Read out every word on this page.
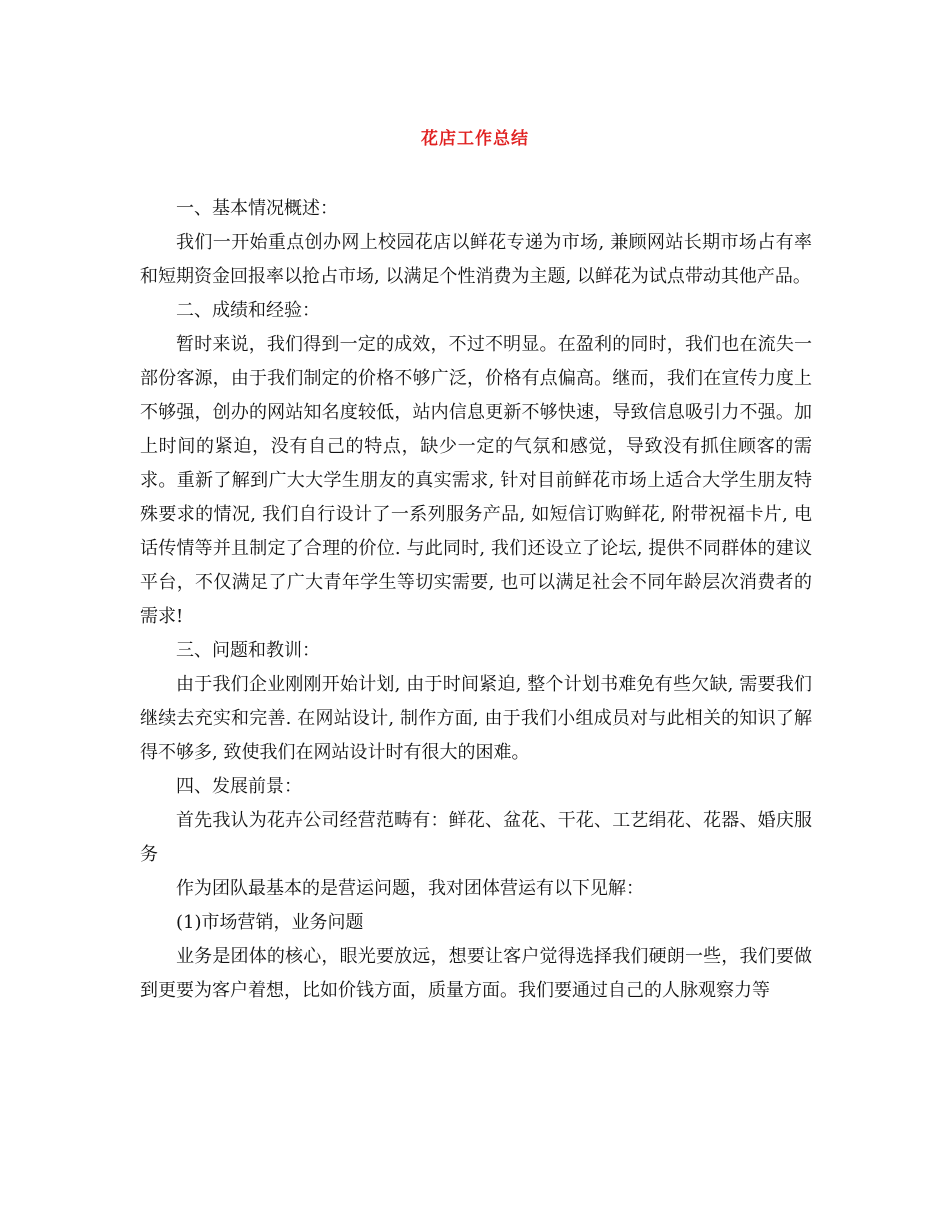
花店工作总结

一、基本情况概述：

我们一开始重点创办网上校园花店以鲜花专递为市场, 兼顾网站长期市场占有率和短期资金回报率以抢占市场, 以满足个性消费为主题, 以鲜花为试点带动其他产品。

二、成绩和经验：

暂时来说，我们得到一定的成效，不过不明显。在盈利的同时，我们也在流失一部份客源，由于我们制定的价格不够广泛，价格有点偏高。继而，我们在宣传力度上不够强，创办的网站知名度较低，站内信息更新不够快速，导致信息吸引力不强。加上时间的紧迫，没有自己的特点，缺少一定的气氛和感觉，导致没有抓住顾客的需求。重新了解到广大大学生朋友的真实需求, 针对目前鲜花市场上适合大学生朋友特殊要求的情况, 我们自行设计了一系列服务产品, 如短信订购鲜花, 附带祝福卡片, 电话传情等并且制定了合理的价位. 与此同时, 我们还设立了论坛, 提供不同群体的建议平台，不仅满足了广大青年学生等切实需要, 也可以满足社会不同年龄层次消费者的需求!

三、问题和教训：

由于我们企业刚刚开始计划, 由于时间紧迫, 整个计划书难免有些欠缺, 需要我们继续去充实和完善. 在网站设计, 制作方面, 由于我们小组成员对与此相关的知识了解得不够多, 致使我们在网站设计时有很大的困难。

四、发展前景：

首先我认为花卉公司经营范畴有：鲜花、盆花、干花、工艺绢花、花器、婚庆服务

作为团队最基本的是营运问题，我对团体营运有以下见解：

(1)市场营销，业务问题

业务是团体的核心，眼光要放远，想要让客户觉得选择我们硬朗一些，我们要做到更要为客户着想，比如价钱方面，质量方面。我们要通过自己的人脉观察力等
